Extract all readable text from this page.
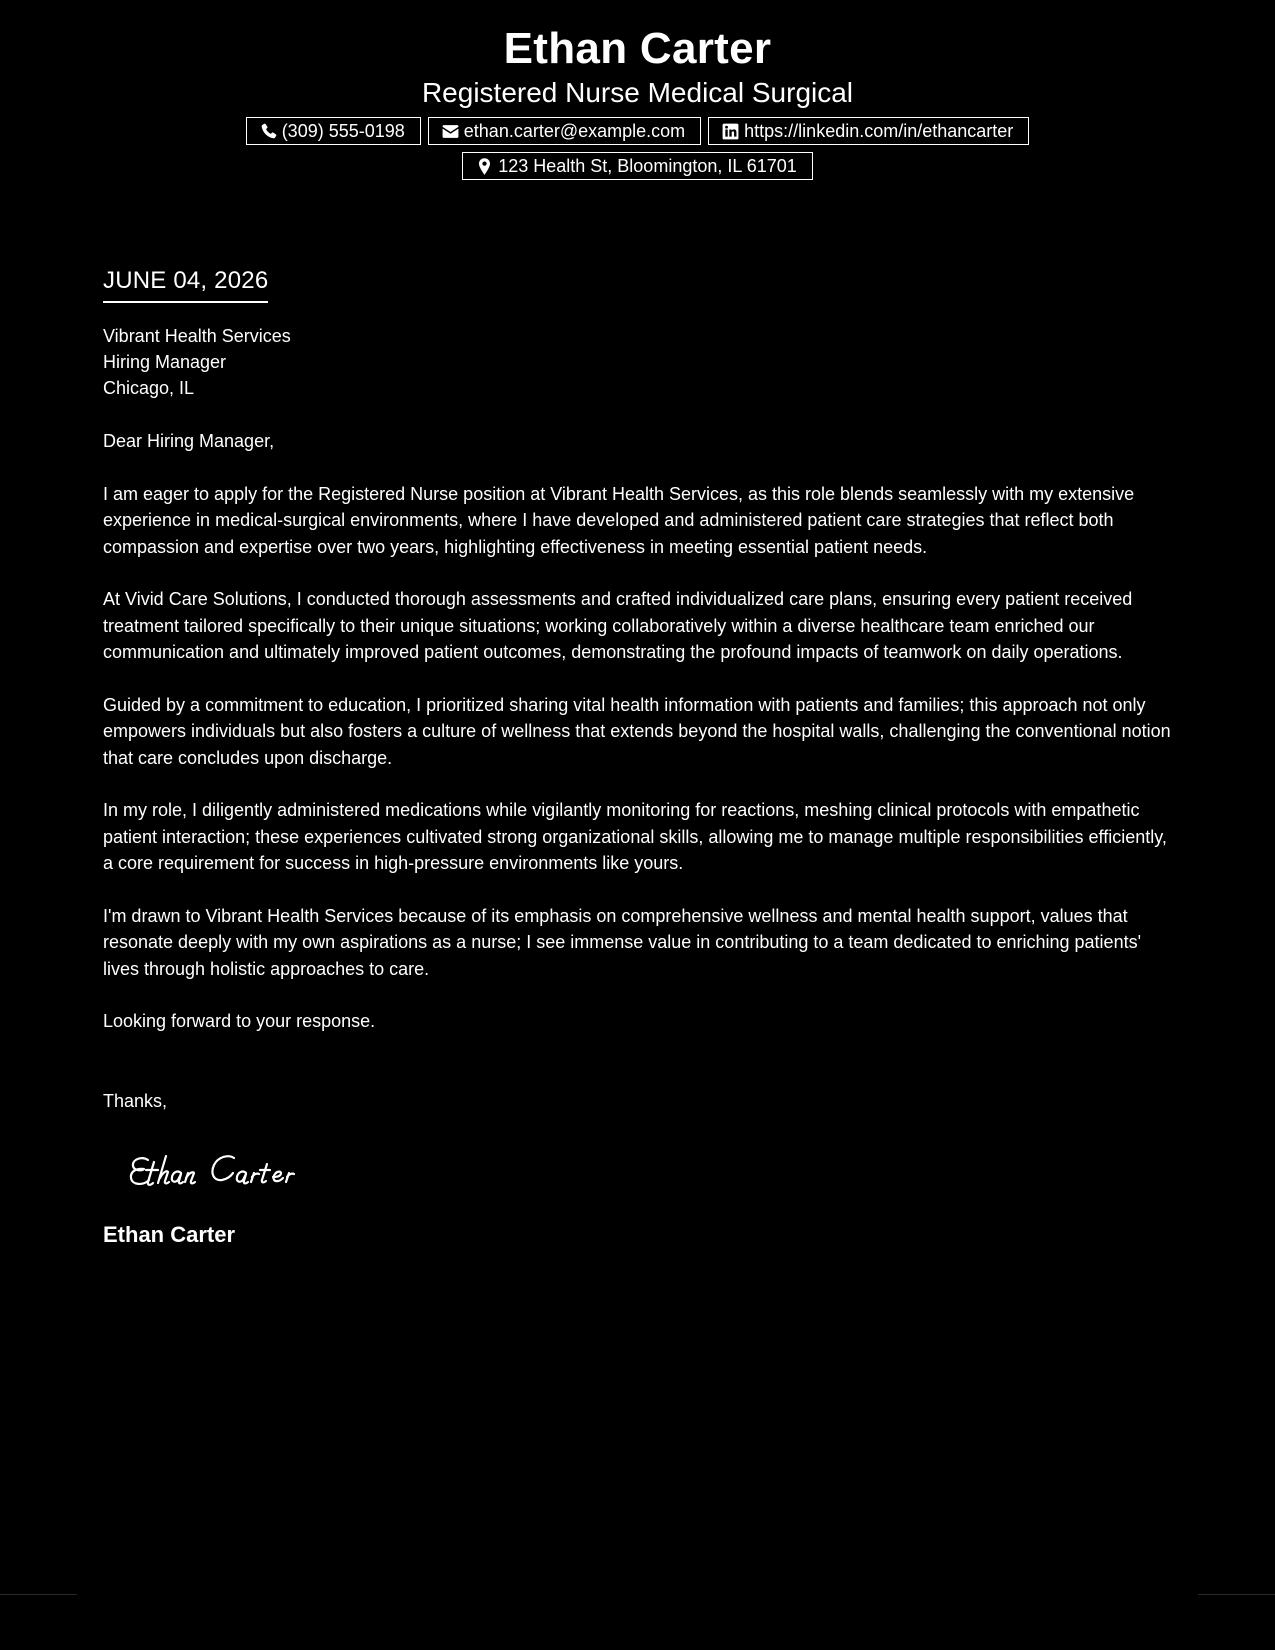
Ethan Carter
Registered Nurse Medical Surgical
(309) 555-0198	ethan.carter@example.com	https://linkedin.com/in/ethancarter
123 Health St, Bloomington, IL 61701
JUNE 04, 2026
Vibrant Health Services
Hiring Manager
Chicago, IL
Dear Hiring Manager,
I am eager to apply for the Registered Nurse position at Vibrant Health Services, as this role blends seamlessly with my extensive experience in medical-surgical environments, where I have developed and administered patient care strategies that reflect both compassion and expertise over two years, highlighting effectiveness in meeting essential patient needs.
At Vivid Care Solutions, I conducted thorough assessments and crafted individualized care plans, ensuring every patient received treatment tailored specifically to their unique situations; working collaboratively within a diverse healthcare team enriched our communication and ultimately improved patient outcomes, demonstrating the profound impacts of teamwork on daily operations.
Guided by a commitment to education, I prioritized sharing vital health information with patients and families; this approach not only empowers individuals but also fosters a culture of wellness that extends beyond the hospital walls, challenging the conventional notion that care concludes upon discharge.
In my role, I diligently administered medications while vigilantly monitoring for reactions, meshing clinical protocols with empathetic patient interaction; these experiences cultivated strong organizational skills, allowing me to manage multiple responsibilities efficiently, a core requirement for success in high-pressure environments like yours.
I'm drawn to Vibrant Health Services because of its emphasis on comprehensive wellness and mental health support, values that resonate deeply with my own aspirations as a nurse; I see immense value in contributing to a team dedicated to enriching patients' lives through holistic approaches to care.
Looking forward to your response.
Thanks,
Ethan Carter
